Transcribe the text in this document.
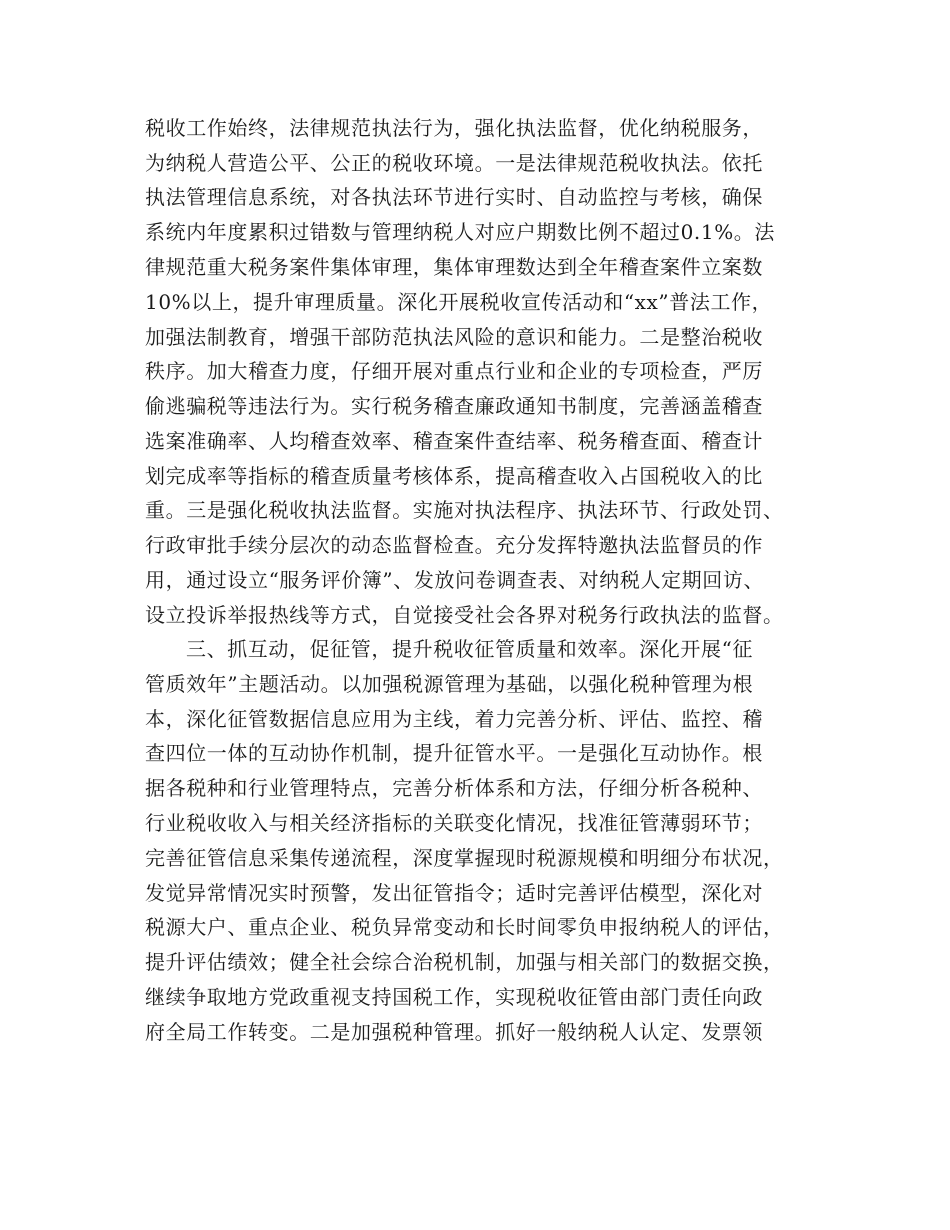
税收工作始终，法律规范执法行为，强化执法监督，优化纳税服务，
为纳税人营造公平、公正的税收环境。一是法律规范税收执法。依托
执法管理信息系统，对各执法环节进行实时、自动监控与考核，确保
系统内年度累积过错数与管理纳税人对应户期数比例不超过0.1%。法
律规范重大税务案件集体审理，集体审理数达到全年稽查案件立案数
10%以上，提升审理质量。深化开展税收宣传活动和“xx”普法工作，
加强法制教育，增强干部防范执法风险的意识和能力。二是整治税收
秩序。加大稽查力度，仔细开展对重点行业和企业的专项检查，严厉
偷逃骗税等违法行为。实行税务稽查廉政通知书制度，完善涵盖稽查
选案准确率、人均稽查效率、稽查案件查结率、税务稽查面、稽查计
划完成率等指标的稽查质量考核体系，提高稽查收入占国税收入的比
重。三是强化税收执法监督。实施对执法程序、执法环节、行政处罚、
行政审批手续分层次的动态监督检查。充分发挥特邀执法监督员的作
用，通过设立“服务评价簿”、发放问卷调查表、对纳税人定期回访、
设立投诉举报热线等方式，自觉接受社会各界对税务行政执法的监督。
三、抓互动，促征管，提升税收征管质量和效率。深化开展“征
管质效年”主题活动。以加强税源管理为基础，以强化税种管理为根
本，深化征管数据信息应用为主线，着力完善分析、评估、监控、稽
查四位一体的互动协作机制，提升征管水平。一是强化互动协作。根
据各税种和行业管理特点，完善分析体系和方法，仔细分析各税种、
行业税收收入与相关经济指标的关联变化情况，找准征管薄弱环节；
完善征管信息采集传递流程，深度掌握现时税源规模和明细分布状况，
发觉异常情况实时预警，发出征管指令；适时完善评估模型，深化对
税源大户、重点企业、税负异常变动和长时间零负申报纳税人的评估，
提升评估绩效；健全社会综合治税机制，加强与相关部门的数据交换，
继续争取地方党政重视支持国税工作，实现税收征管由部门责任向政
府全局工作转变。二是加强税种管理。抓好一般纳税人认定、发票领
